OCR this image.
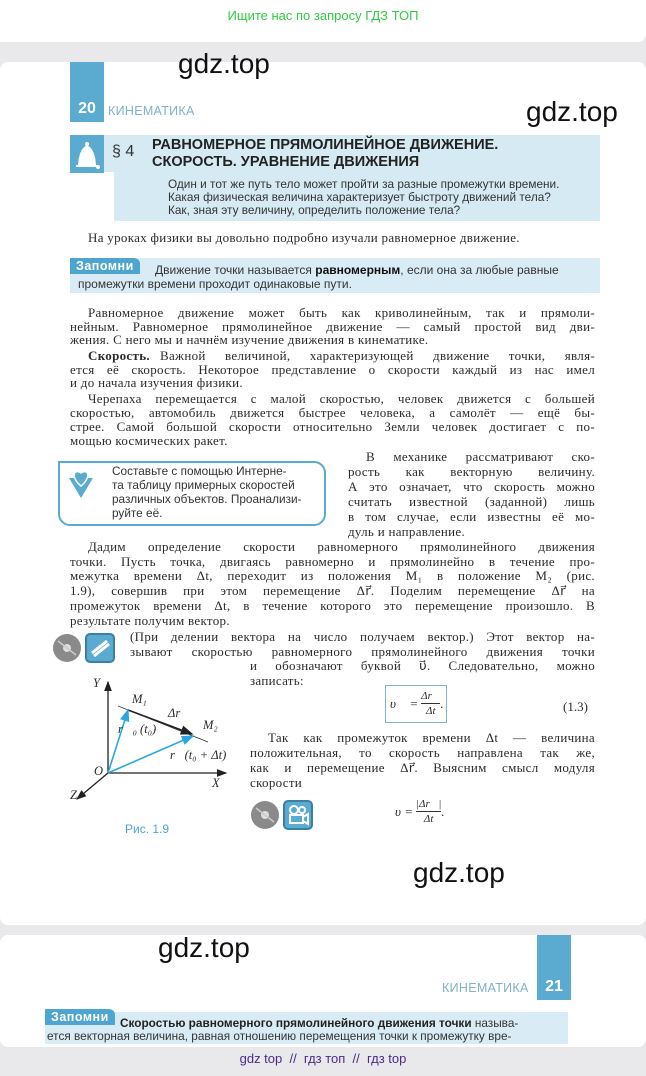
Ищите нас по запросу ГДЗ ТОП
20 КИНЕМАТИКА
§ 4 РАВНОМЕРНОЕ ПРЯМОЛИНЕЙНОЕ ДВИЖЕНИЕ.
СКОРОСТЬ. УРАВНЕНИЕ ДВИЖЕНИЯ
Запомни	Движение точки называется равномерным, если она за любые равные
промежутки времени проходит одинаковые пути.
Y
X
Z
O
M₁
M₂
Δr⃗
r⃗₀ (t₀)
r⃗(t₀ + Δt)
Рис. 1.9
υ⃗ = $\frac{\Delta r⃗}{\Delta t}$ .	(1.3)
$\upsilon = \frac{|\Delta r⃗|}{\Delta t}$ .
Один и тот же путь тело может пройти за разные промежутки времени.
Какая физическая величина характеризует быстроту движений тела?
Как, зная эту величину, определить положение тела?
На уроках физики вы довольно подробно изучали равномерное движение.
Равномерное движение может быть как криволинейным, так и прямоли-
нейным. Равномерное прямолинейное движение — самый простой вид дви-
жения. С него мы и начнём изучение движения в кинематике.
Важной величиной, характеризующей движение точки, явля-
ется её скорость. Некоторое представление о скорости каждый из нас имел
и до начала изучения физики.
Черепаха перемещается с малой скоростью, человек движется с большей
скоростью, автомобиль движется быстрее человека, а самолёт — ещё бы-
стрее. Самой большой скорости относительно Земли человек достигает с по-
мощью космических ракет.
Составьте с помощью Интерне-
та таблицу примерных скоростей
различных объектов. Проанализи-
руйте её.
В механике рассматривают ско-
рость как векторную величину.
А это означает, что скорость можно
считать известной (заданной) лишь
в том случае, если известны её мо-
дуль и направление.
Дадим определение скорости равномерного прямолинейного движения
точки. Пусть точка, двигаясь равномерно и прямолинейно в течение про-
межутка времени Δt, переходит из положения M₁ в положение M₂ (рис.
1.9), совершив при этом перемещение Δr⃗. Поделим перемещение Δr⃗ на
промежуток времени Δt, в течение которого это перемещение произошло. В
результате получим вектор.
(При делении вектора на число получаем вектор.) Этот вектор на-
зывают скоростью равномерного прямолинейного движения точки
и обозначают буквой υ⃗. Следовательно, можно
записать:
Так как промежуток времени Δt — величина
положительная, то скорость направлена так же,
как и перемещение Δr⃗. Выясним смысл модуля
скорости
Скорость.
21
КИНЕМАТИКА
Запомни Скоростью равномерного прямолинейного движения точки называ-
ется векторная величина, равная отношению перемещения точки к промежутку вре-
gdz top  //  гдз топ  //  гдз top
gdz.top
gdz.top
gdz.top
gdz.top
